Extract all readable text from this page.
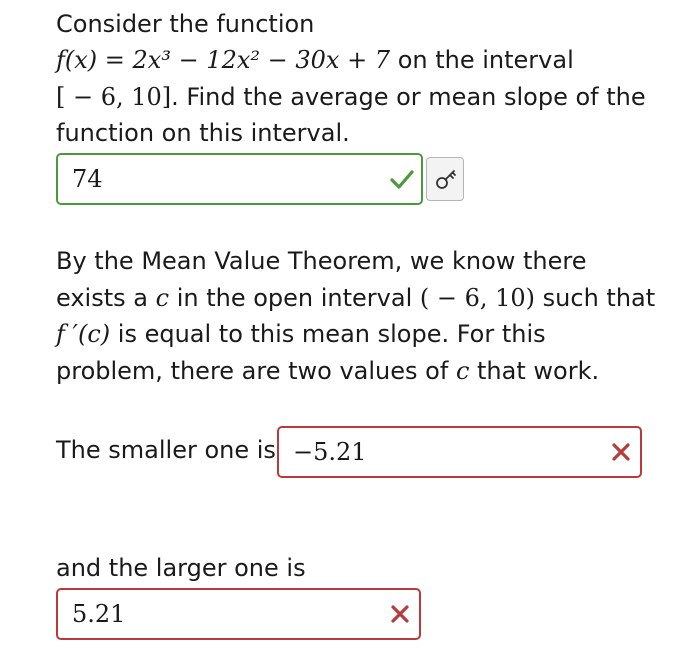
Consider the function
f(x) = 2x³ − 12x² − 30x + 7 on the interval
[ − 6, 10]. Find the average or mean slope of the
function on this interval.
74
By the Mean Value Theorem, we know there
exists a c in the open interval ( − 6, 10) such that
f ′(c) is equal to this mean slope. For this
problem, there are two values of c that work.
The smaller one is −5.21
and the larger one is
5.21
